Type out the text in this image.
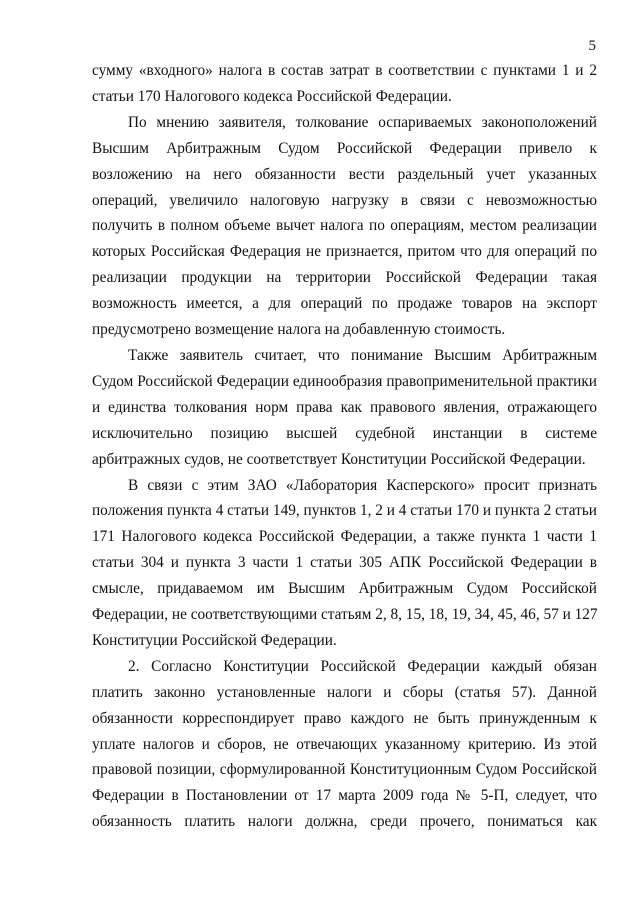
5

сумму «входного» налога в состав затрат в соответствии с пунктами 1 и 2
статьи 170 Налогового кодекса Российской Федерации.

По мнению заявителя, толкование оспариваемых законоположений
Высшим Арбитражным Судом Российской Федерации привело к
возложению на него обязанности вести раздельный учет указанных
операций, увеличило налоговую нагрузку в связи с невозможностью
получить в полном объеме вычет налога по операциям, местом реализации
которых Российская Федерация не признается, притом что для операций по
реализации продукции на территории Российской Федерации такая
возможность имеется, а для операций по продаже товаров на экспорт
предусмотрено возмещение налога на добавленную стоимость.

Также заявитель считает, что понимание Высшим Арбитражным
Судом Российской Федерации единообразия правоприменительной практики
и единства толкования норм права как правового явления, отражающего
исключительно позицию высшей судебной инстанции в системе
арбитражных судов, не соответствует Конституции Российской Федерации.

В связи с этим ЗАО «Лаборатория Касперского» просит признать
положения пункта 4 статьи 149, пунктов 1, 2 и 4 статьи 170 и пункта 2 статьи
171 Налогового кодекса Российской Федерации, а также пункта 1 части 1
статьи 304 и пункта 3 части 1 статьи 305 АПК Российской Федерации в
смысле, придаваемом им Высшим Арбитражным Судом Российской
Федерации, не соответствующими статьям 2, 8, 15, 18, 19, 34, 45, 46, 57 и 127
Конституции Российской Федерации.

2. Согласно Конституции Российской Федерации каждый обязан
платить законно установленные налоги и сборы (статья 57). Данной
обязанности корреспондирует право каждого не быть принужденным к
уплате налогов и сборов, не отвечающих указанному критерию. Из этой
правовой позиции, сформулированной Конституционным Судом Российской
Федерации в Постановлении от 17 марта 2009 года № 5-П, следует, что
обязанность платить налоги должна, среди прочего, пониматься как
